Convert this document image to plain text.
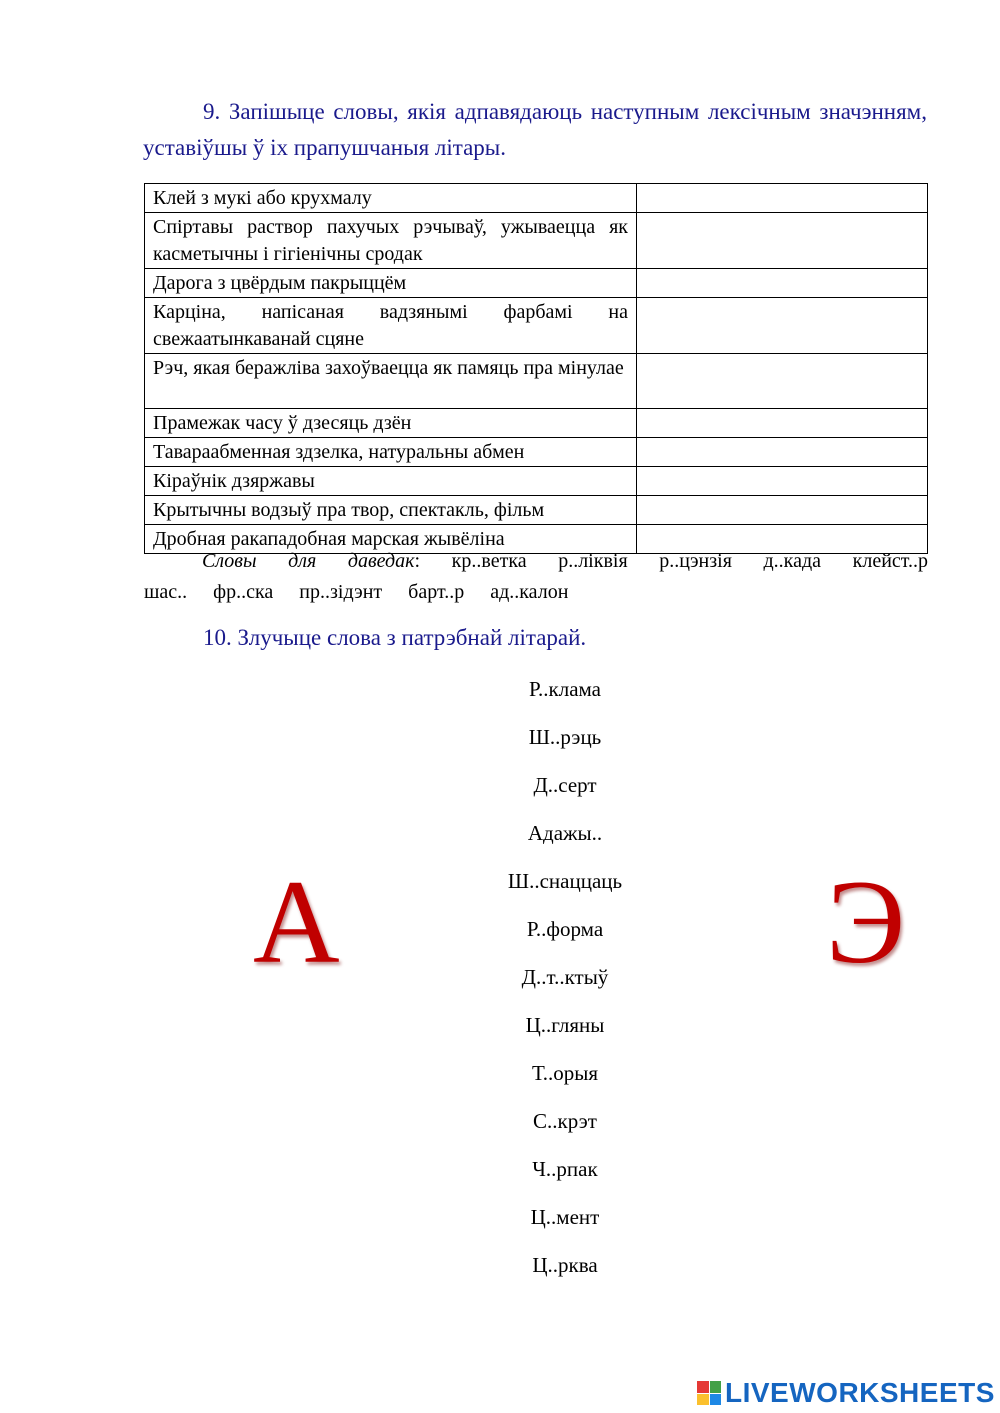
9. Запішыце словы, якія адпавядаюць наступным лексічным значэнням, уставіўшы ў іх прапушчаныя літары.
Клей з мукі або крухмалу	
Спіртавы раствор пахучых рэчываў, ужываецца як касметычны і гігіенічны сродак	
Дарога з цвёрдым пакрыццём	
Карціна, напісаная вадзянымі фарбамі на свежаатынкаванай сцяне	
Рэч, якая беражліва захоўваецца як памяць пра мінулае	
Прамежак часу ў дзесяць дзён	
Тавараабменная здзелка, натуральны абмен	
Кіраўнік дзяржавы	
Крытычны водзыў пра твор, спектакль, фільм	
Дробная ракападобная марская жывёліна	
Словы для даведак: кр..ветка р..ліквія р..цэнзія д..када клейст..р
шас.. фр..ска пр..зідэнт барт..р ад..калон
10. Злучыце слова з патрэбнай літарай.
А	Э
Р..клама
Ш..рэць
Д..серт
Адажы..
Ш..снаццаць
Р..форма
Д..т..ктыў
Ц..гляны
Т..орыя
С..крэт
Ч..рпак
Ц..мент
Ц..рква
LIVEWORKSHEETS
